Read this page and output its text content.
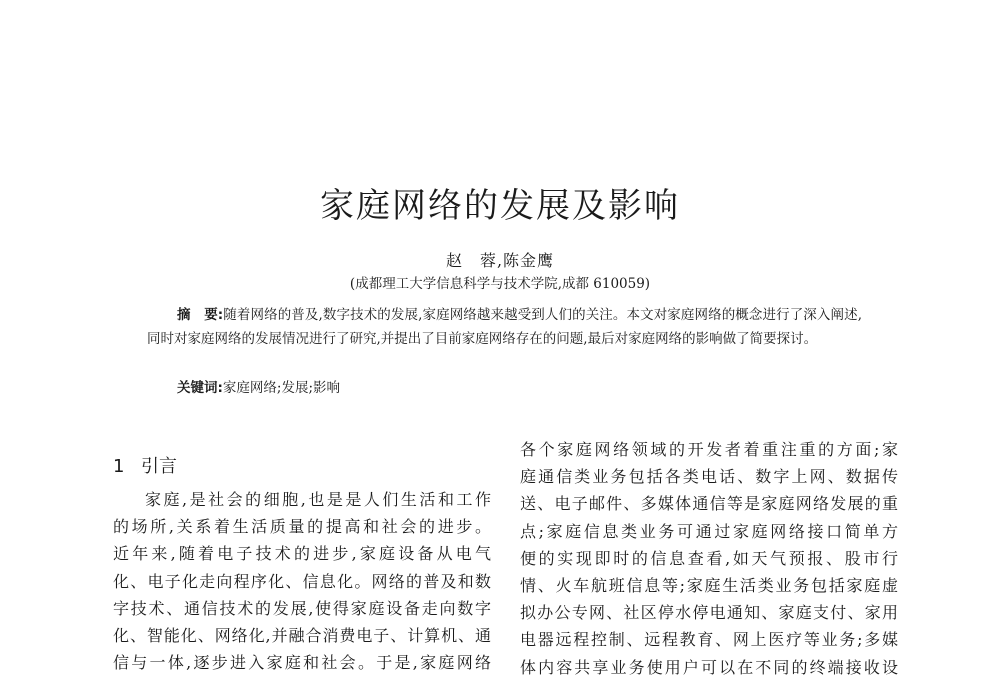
家庭网络的发展及影响
赵　蓉,陈金鹰
(成都理工大学信息科学与技术学院,成都 610059)

摘　要:随着网络的普及,数字技术的发展,家庭网络越来越受到人们的关注。本文对家庭网络的概念进行了深入阐述,同时对家庭网络的发展情况进行了研究,并提出了目前家庭网络存在的问题,最后对家庭网络的影响做了简要探讨。

关键词:家庭网络;发展;影响
1 引言
家庭,是社会的细胞,也是是人们生活和工作
的场所,关系着生活质量的提高和社会的进步。
近年来,随着电子技术的进步,家庭设备从电气
化、电子化走向程序化、信息化。网络的普及和数
字技术、通信技术的发展,使得家庭设备走向数字
化、智能化、网络化,并融合消费电子、计算机、通
信与一体,逐步进入家庭和社会。于是,家庭网络
各个家庭网络领域的开发者着重注重的方面;家
庭通信类业务包括各类电话、数字上网、数据传
送、电子邮件、多媒体通信等是家庭网络发展的重
点;家庭信息类业务可通过家庭网络接口简单方
便的实现即时的信息查看,如天气预报、股市行
情、火车航班信息等;家庭生活类业务包括家庭虚
拟办公专网、社区停水停电通知、家庭支付、家用
电器远程控制、远程教育、网上医疗等业务;多媒
体内容共享业务使用户可以在不同的终端接收设
